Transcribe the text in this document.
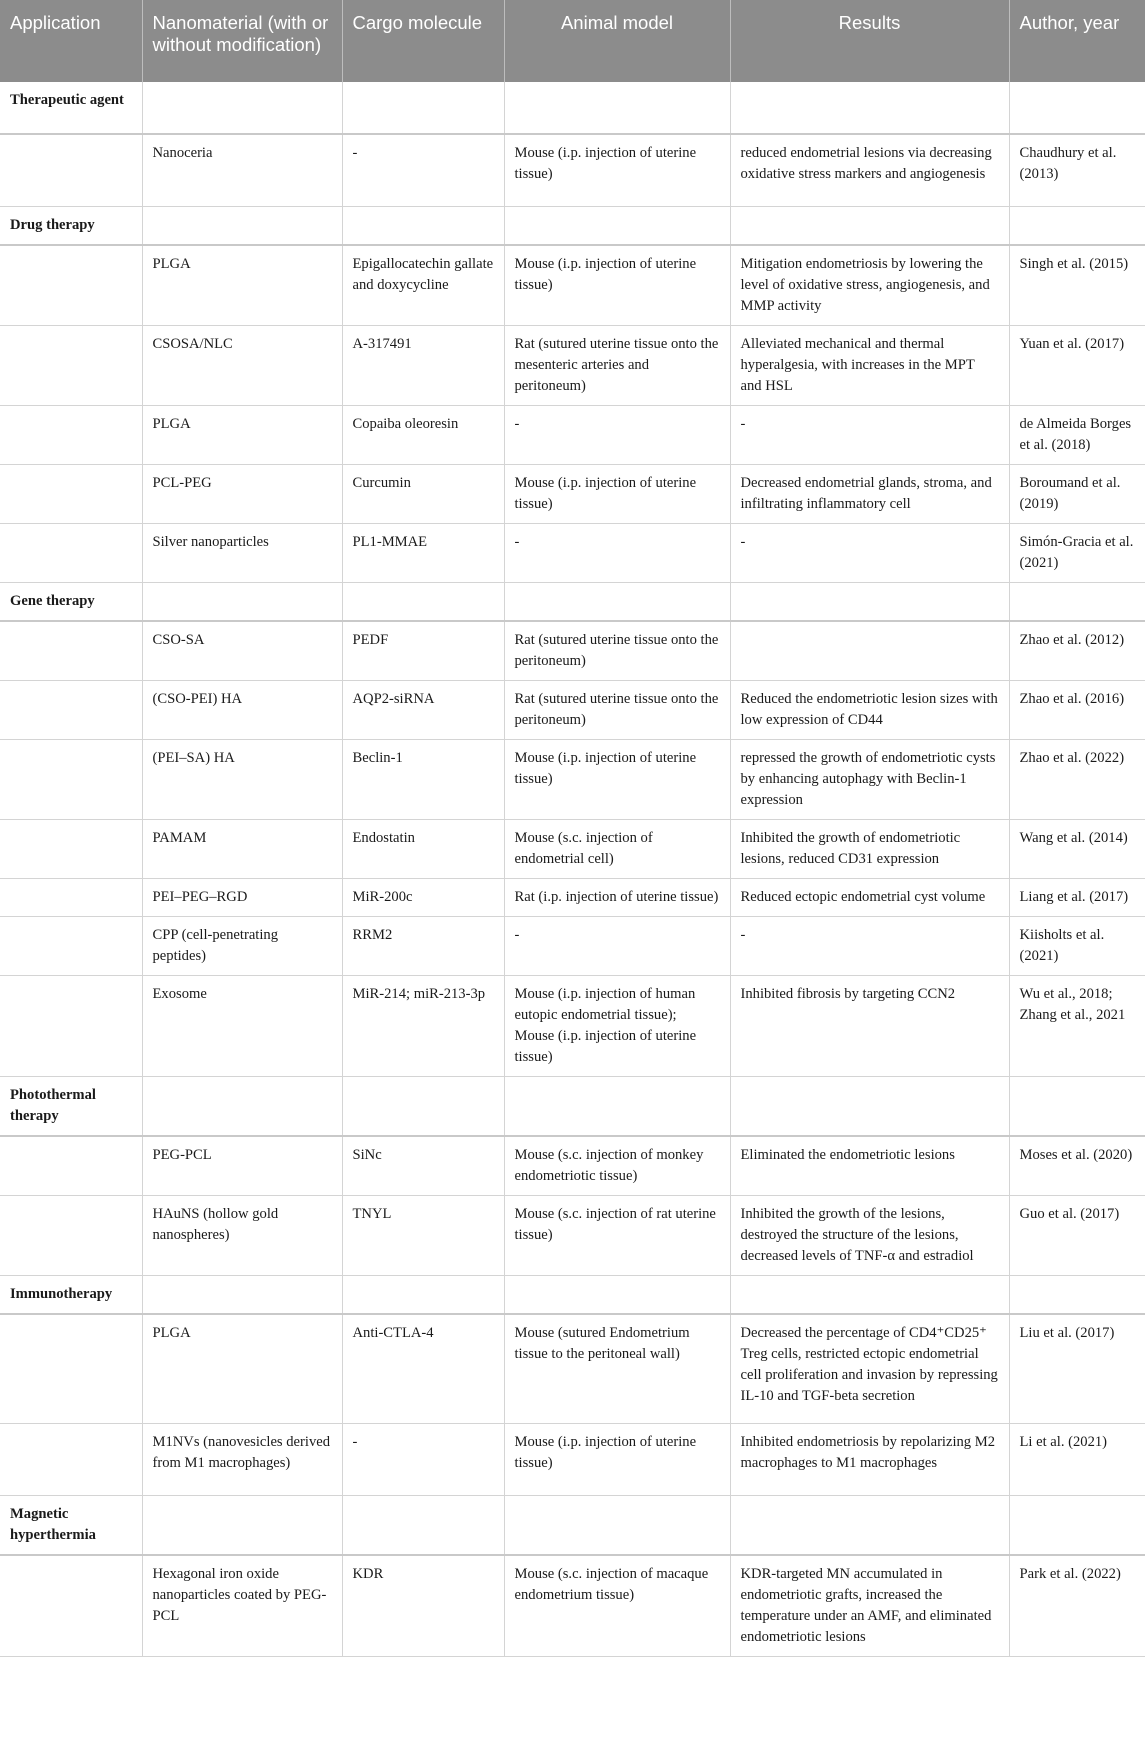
Application	Nanomaterial (with or without modification)	Cargo molecule	Animal model	Results	Author, year
Therapeutic agent					
	Nanoceria	-	Mouse (i.p. injection of uterine tissue)	reduced endometrial lesions via decreasing oxidative stress markers and angiogenesis	Chaudhury et al. (2013)
Drug therapy					
	PLGA	Epigallocatechin gallate and doxycycline	Mouse (i.p. injection of uterine tissue)	Mitigation endometriosis by lowering the level of oxidative stress, angiogenesis, and MMP activity	Singh et al. (2015)
	CSOSA/NLC	A-317491	Rat (sutured uterine tissue onto the mesenteric arteries and peritoneum)	Alleviated mechanical and thermal hyperalgesia, with increases in the MPT and HSL	Yuan et al. (2017)
	PLGA	Copaiba oleoresin	-	-	de Almeida Borges et al. (2018)
	PCL-PEG	Curcumin	Mouse (i.p. injection of uterine tissue)	Decreased endometrial glands, stroma, and infiltrating inflammatory cell	Boroumand et al. (2019)
	Silver nanoparticles	PL1-MMAE	-	-	Simón-Gracia et al. (2021)
Gene therapy					
	CSO-SA	PEDF	Rat (sutured uterine tissue onto the peritoneum)		Zhao et al. (2012)
	(CSO-PEI) HA	AQP2-siRNA	Rat (sutured uterine tissue onto the peritoneum)	Reduced the endometriotic lesion sizes with low expression of CD44	Zhao et al. (2016)
	(PEI–SA) HA	Beclin-1	Mouse (i.p. injection of uterine tissue)	repressed the growth of endometriotic cysts by enhancing autophagy with Beclin-1 expression	Zhao et al. (2022)
	PAMAM	Endostatin	Mouse (s.c. injection of endometrial cell)	Inhibited the growth of endometriotic lesions, reduced CD31 expression	Wang et al. (2014)
	PEI–PEG–RGD	MiR-200c	Rat (i.p. injection of uterine tissue)	Reduced ectopic endometrial cyst volume	Liang et al. (2017)
	CPP (cell-penetrating peptides)	RRM2	-	-	Kiisholts et al. (2021)
	Exosome	MiR-214; miR-213-3p	Mouse (i.p. injection of human eutopic endometrial tissue); Mouse (i.p. injection of uterine tissue)	Inhibited fibrosis by targeting CCN2	Wu et al., 2018; Zhang et al., 2021
Photothermal therapy					
	PEG-PCL	SiNc	Mouse (s.c. injection of monkey endometriotic tissue)	Eliminated the endometriotic lesions	Moses et al. (2020)
	HAuNS (hollow gold nanospheres)	TNYL	Mouse (s.c. injection of rat uterine tissue)	Inhibited the growth of the lesions, destroyed the structure of the lesions, decreased levels of TNF-α and estradiol	Guo et al. (2017)
Immunotherapy					
	PLGA	Anti-CTLA-4	Mouse (sutured Endometrium tissue to the peritoneal wall)	Decreased the percentage of CD4⁺CD25⁺ Treg cells, restricted ectopic endometrial cell proliferation and invasion by repressing IL-10 and TGF-beta secretion	Liu et al. (2017)
	M1NVs (nanovesicles derived from M1 macrophages)	-	Mouse (i.p. injection of uterine tissue)	Inhibited endometriosis by repolarizing M2 macrophages to M1 macrophages	Li et al. (2021)
Magnetic hyperthermia					
	Hexagonal iron oxide nanoparticles coated by PEG-PCL	KDR	Mouse (s.c. injection of macaque endometrium tissue)	KDR-targeted MN accumulated in endometriotic grafts, increased the temperature under an AMF, and eliminated endometriotic lesions	Park et al. (2022)
